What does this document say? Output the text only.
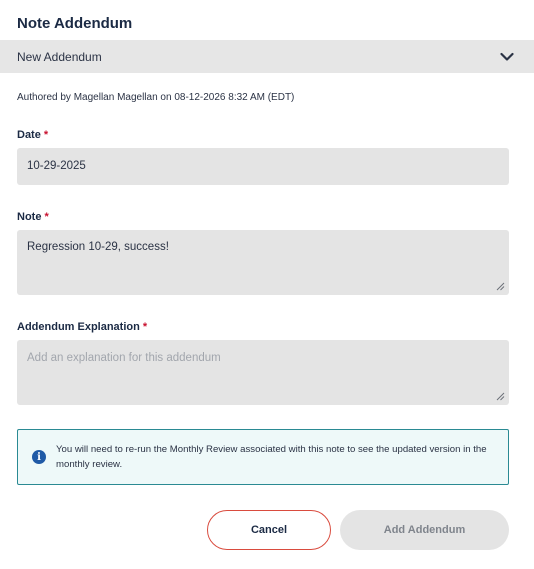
Note Addendum
New Addendum
Authored by Magellan Magellan on 08-12-2026 8:32 AM (EDT)
Date *
10-29-2025
Note *
Regression 10-29, success!
Addendum Explanation *
Add an explanation for this addendum
i
You will need to re-run the Monthly Review associated with this note to see the updated version in the monthly review.
Cancel	Add Addendum
